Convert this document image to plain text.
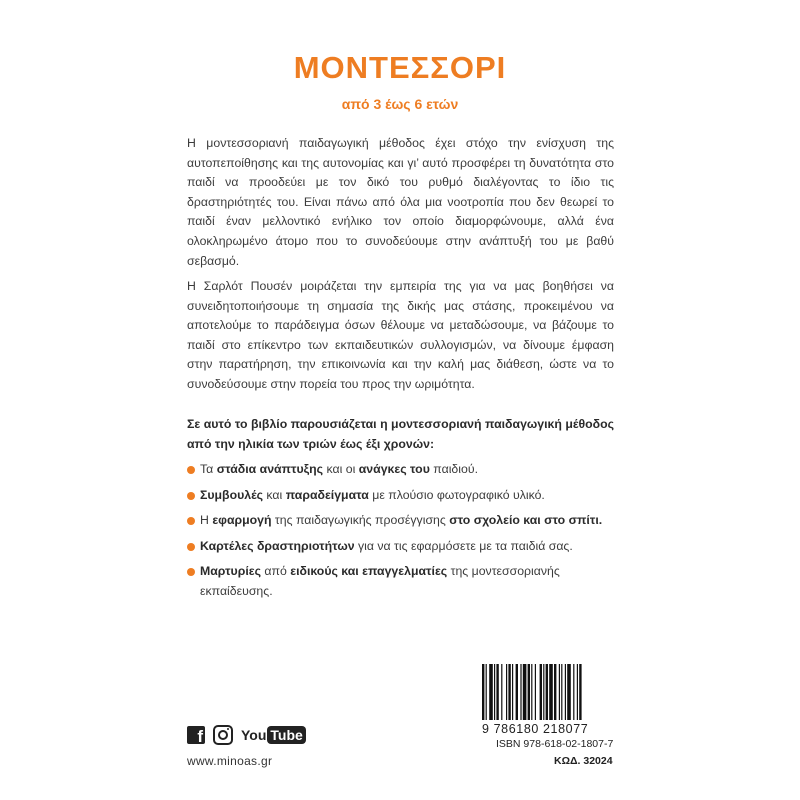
ΜΟΝΤΕΣΣΟΡΙ
από 3 έως 6 ετών
Η μοντεσσοριανή παιδαγωγική μέθοδος έχει στόχο την ενίσχυση της αυτοπεποίθησης και της αυτονομίας και γι’ αυτό προσφέρει τη δυνατότητα στο παιδί να προοδεύει με τον δικό του ρυθμό διαλέγοντας το ίδιο τις δραστηριότητές του. Είναι πάνω από όλα μια νοοτροπία που δεν θεωρεί το παιδί έναν μελλοντικό ενήλικο τον οποίο διαμορφώνουμε, αλλά ένα ολοκληρωμένο άτομο που το συνοδεύουμε στην ανάπτυξή του με βαθύ σεβασμό.
Η Σαρλότ Πουσέν μοιράζεται την εμπειρία της για να μας βοηθήσει να συνειδητοποιήσουμε τη σημασία της δικής μας στάσης, προκειμένου να αποτελούμε το παράδειγμα όσων θέλουμε να μεταδώσουμε, να βάζουμε το παιδί στο επίκεντρο των εκπαιδευτικών συλλογισμών, να δίνουμε έμφαση στην παρατήρηση, την επικοινωνία και την καλή μας διάθεση, ώστε να το συνοδεύσουμε στην πορεία του προς την ωριμότητα.
Σε αυτό το βιβλίο παρουσιάζεται η μοντεσσοριανή παιδαγωγική μέθοδος από την ηλικία των τριών έως έξι χρονών:
Τα στάδια ανάπτυξης και οι ανάγκες του παιδιού.
Συμβουλές και παραδείγματα με πλούσιο φωτογραφικό υλικό.
Η εφαρμογή της παιδαγωγικής προσέγγισης στο σχολείο και στο σπίτι.
Καρτέλες δραστηριοτήτων για να τις εφαρμόσετε με τα παιδιά σας.
Μαρτυρίες από ειδικούς και επαγγελματίες της μοντεσσοριανής εκπαίδευσης.
f	You Tube
www.minoas.gr
9 786180 218077
ISBN 978-618-02-1807-7
ΚΩΔ. 32024
